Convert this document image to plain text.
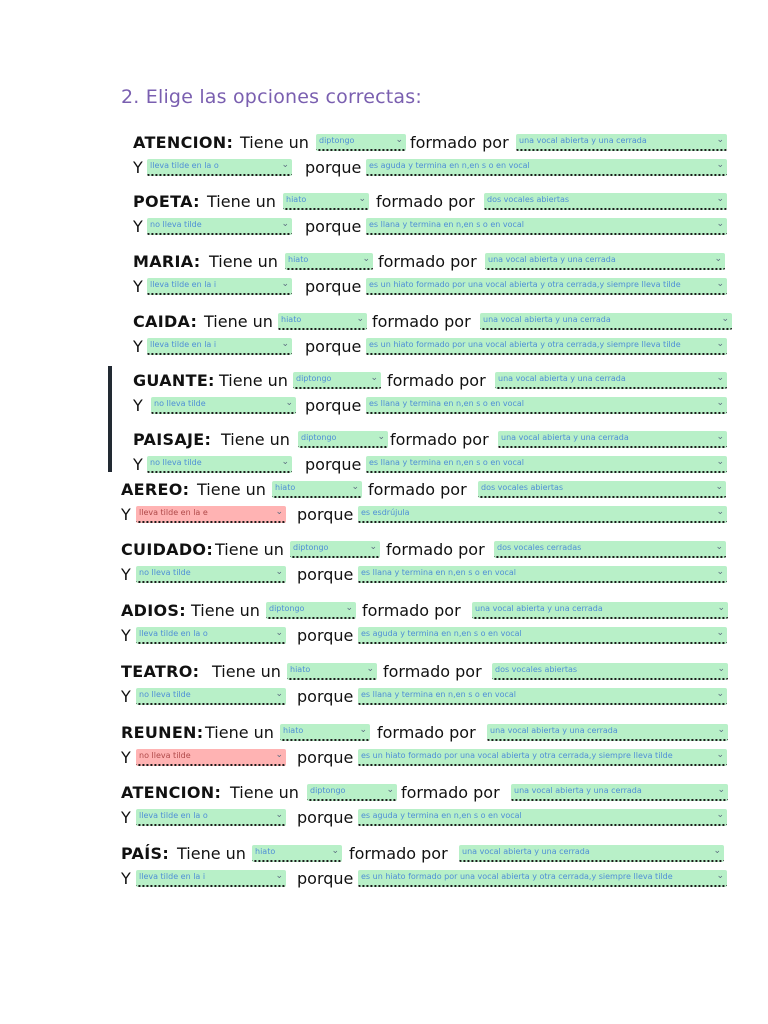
2. Elige las opciones correctas:
ATENCION: Tiene un diptongo	⌄ formado por una vocal abierta y una cerrada	⌄
Y lleva tilde en la o	⌄ porque es aguda y termina en n,en s o en vocal	⌄
POETA: Tiene un hiato	⌄ formado por dos vocales abiertas	⌄
Y no lleva tilde	⌄ porque es llana y termina en n,en s o en vocal	⌄
MARIA: Tiene un hiato	⌄ formado por una vocal abierta y una cerrada	⌄
Y lleva tilde en la i	⌄ porque es un hiato formado por una vocal abierta y otra cerrada,y siempre lleva tilde	⌄
CAIDA: Tiene un hiato	⌄ formado por una vocal abierta y una cerrada	⌄
Y lleva tilde en la i	⌄ porque es un hiato formado por una vocal abierta y otra cerrada,y siempre lleva tilde	⌄
GUANTE: Tiene un diptongo	⌄ formado por una vocal abierta y una cerrada	⌄
Y no lleva tilde	⌄ porque es llana y termina en n,en s o en vocal	⌄
PAISAJE: Tiene un diptongo	⌄ formado por una vocal abierta y una cerrada	⌄
Y no lleva tilde	⌄ porque es llana y termina en n,en s o en vocal	⌄
AEREO: Tiene un hiato	⌄ formado por dos vocales abiertas	⌄
Y lleva tilde en la e	⌄ porque es esdrújula	⌄
CUIDADO: Tiene un diptongo	⌄ formado por dos vocales cerradas	⌄
Y no lleva tilde	⌄ porque es llana y termina en n,en s o en vocal	⌄
ADIOS: Tiene un diptongo	⌄ formado por una vocal abierta y una cerrada	⌄
Y lleva tilde en la o	⌄ porque es aguda y termina en n,en s o en vocal	⌄
TEATRO: Tiene un hiato	⌄ formado por dos vocales abiertas	⌄
Y no lleva tilde	⌄ porque es llana y termina en n,en s o en vocal	⌄
REUNEN: Tiene un hiato	⌄ formado por una vocal abierta y una cerrada	⌄
Y no lleva tilde	⌄ porque es un hiato formado por una vocal abierta y otra cerrada,y siempre lleva tilde	⌄
ATENCION: Tiene un diptongo	⌄ formado por una vocal abierta y una cerrada	⌄
Y lleva tilde en la o	⌄ porque es aguda y termina en n,en s o en vocal	⌄
PAÍS: Tiene un hiato	⌄ formado por una vocal abierta y una cerrada	⌄
Y lleva tilde en la i	⌄ porque es un hiato formado por una vocal abierta y otra cerrada,y siempre lleva tilde	⌄
